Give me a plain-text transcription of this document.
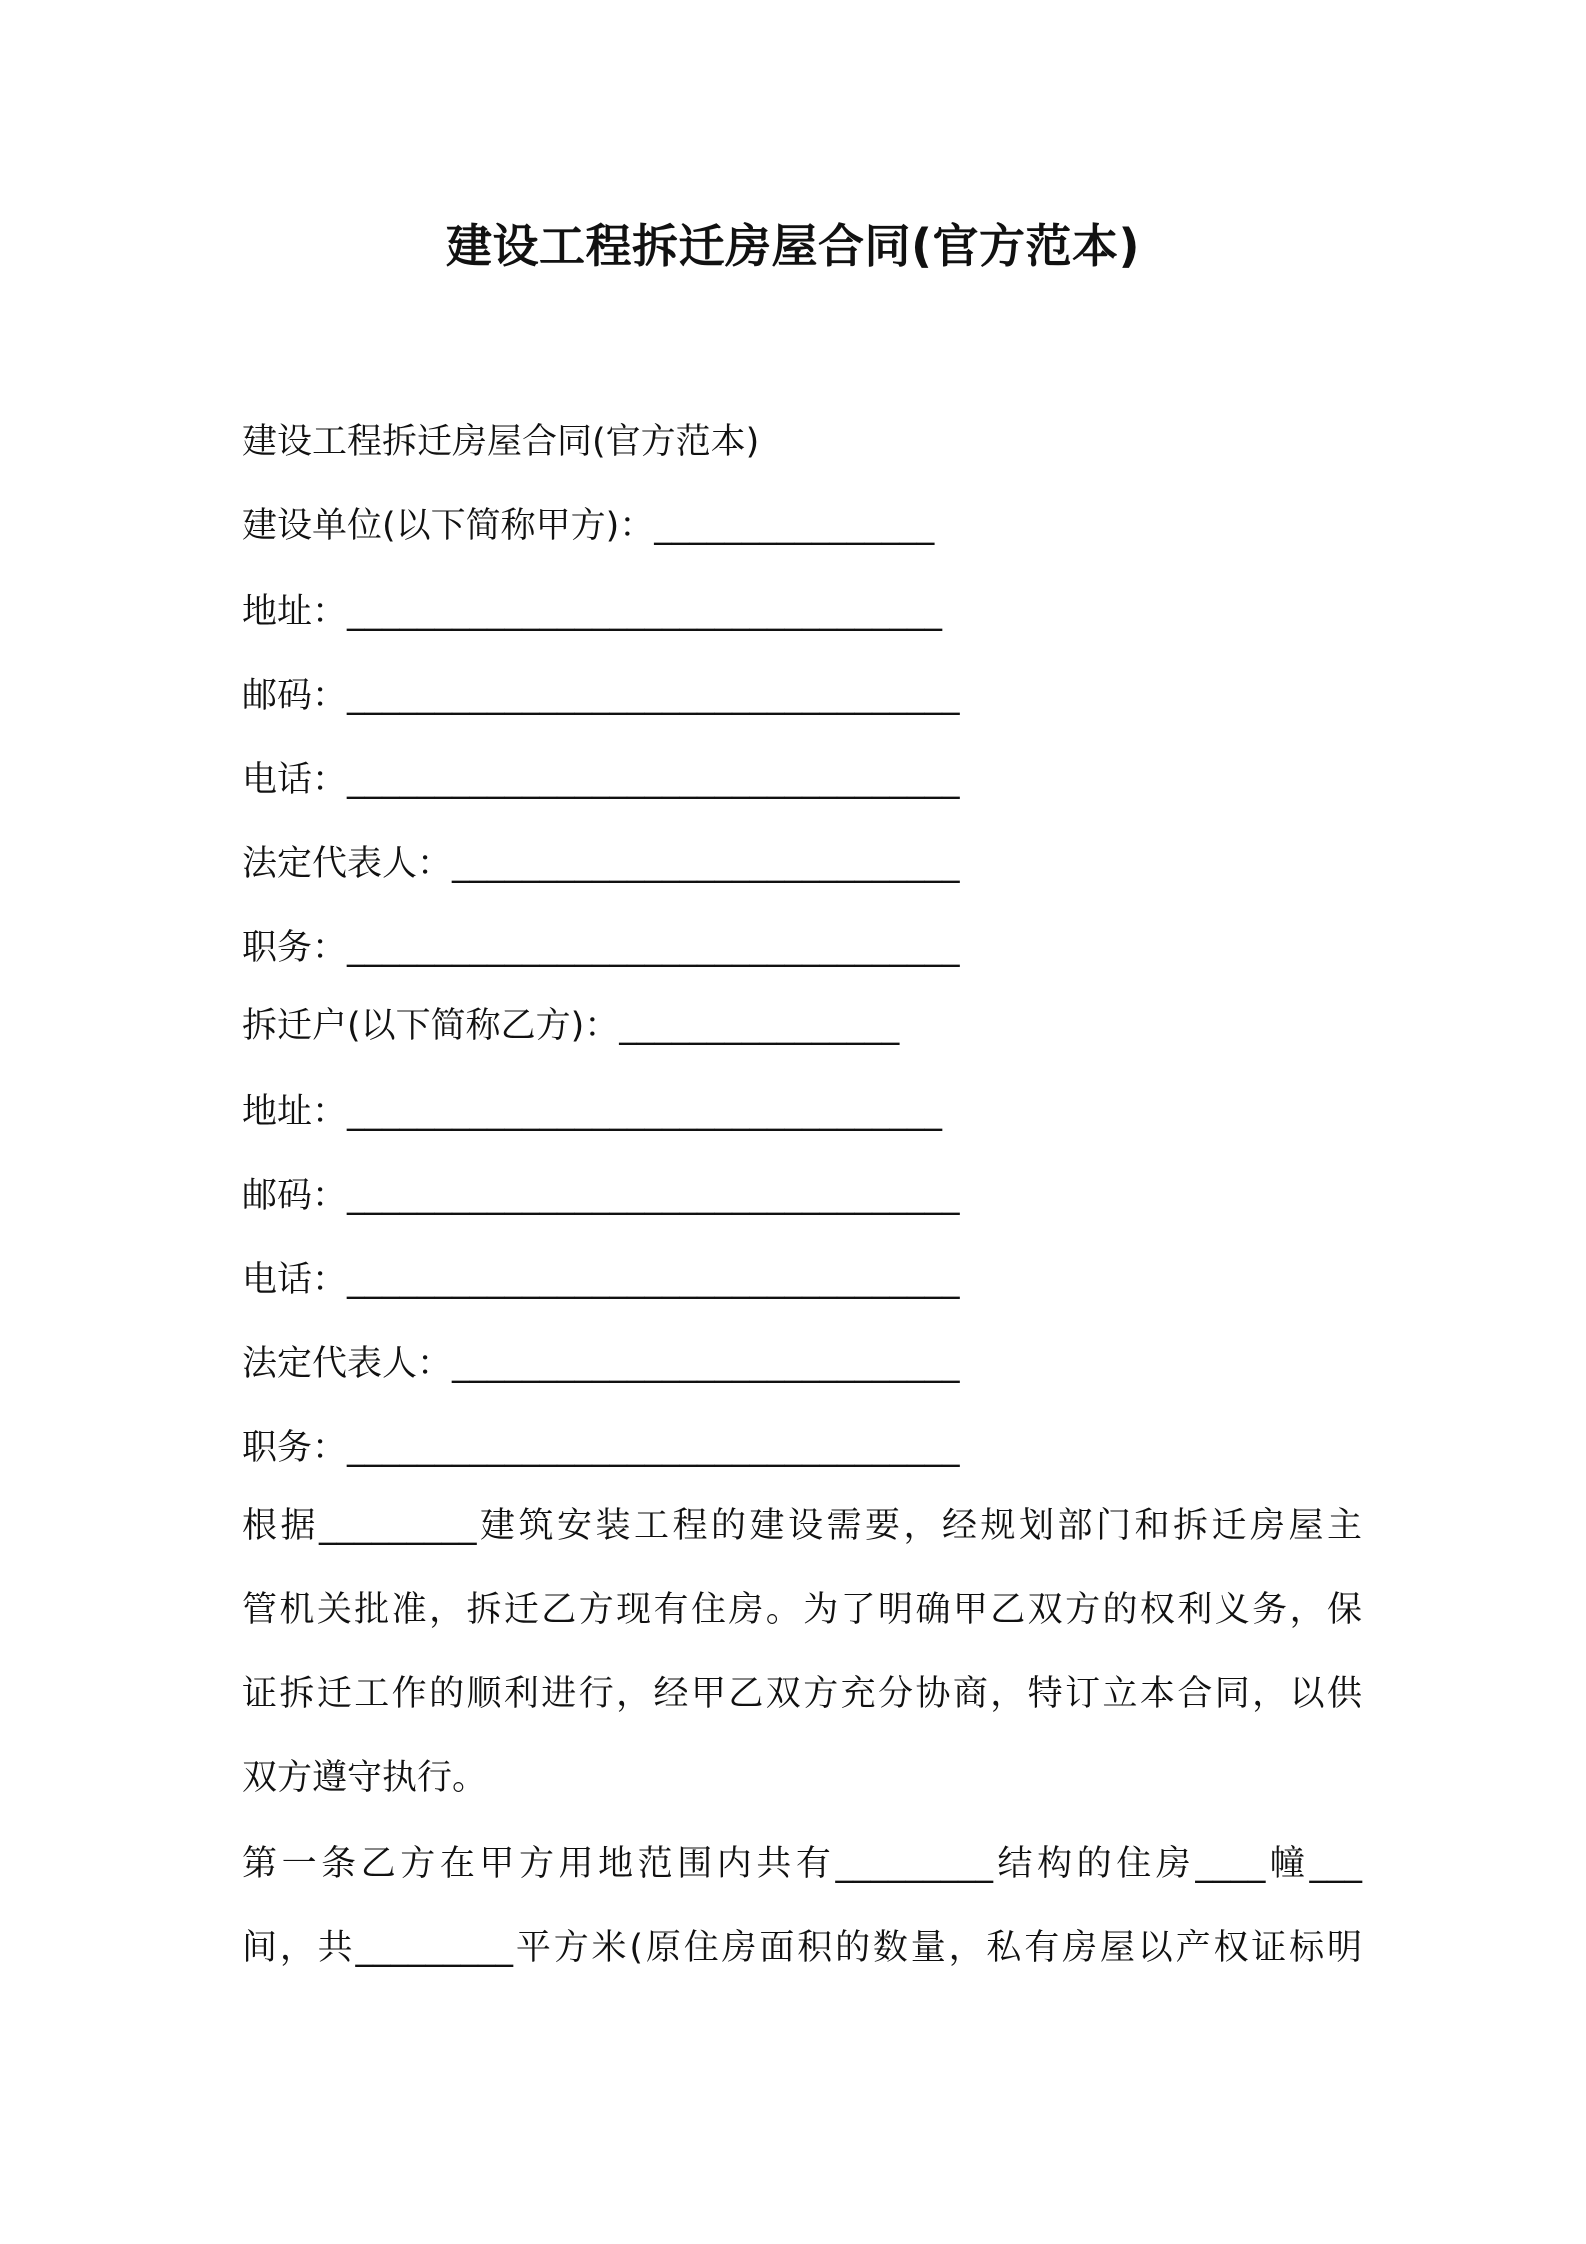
建设工程拆迁房屋合同(官方范本)
建设工程拆迁房屋合同(官方范本)
建设单位(以下简称甲方)：________________
地址：__________________________________
邮码：___________________________________
电话：___________________________________
法定代表人：_____________________________
职务：___________________________________
拆迁户(以下简称乙方)：________________
地址：__________________________________
邮码：___________________________________
电话：___________________________________
法定代表人：_____________________________
职务：___________________________________
根据_________建筑安装工程的建设需要，经规划部门和拆迁房屋主
管机关批准，拆迁乙方现有住房。为了明确甲乙双方的权利义务，保
证拆迁工作的顺利进行，经甲乙双方充分协商，特订立本合同，以供
双方遵守执行。
第一条乙方在甲方用地范围内共有_________结构的住房____幢___
间，共_________平方米(原住房面积的数量，私有房屋以产权证标明
